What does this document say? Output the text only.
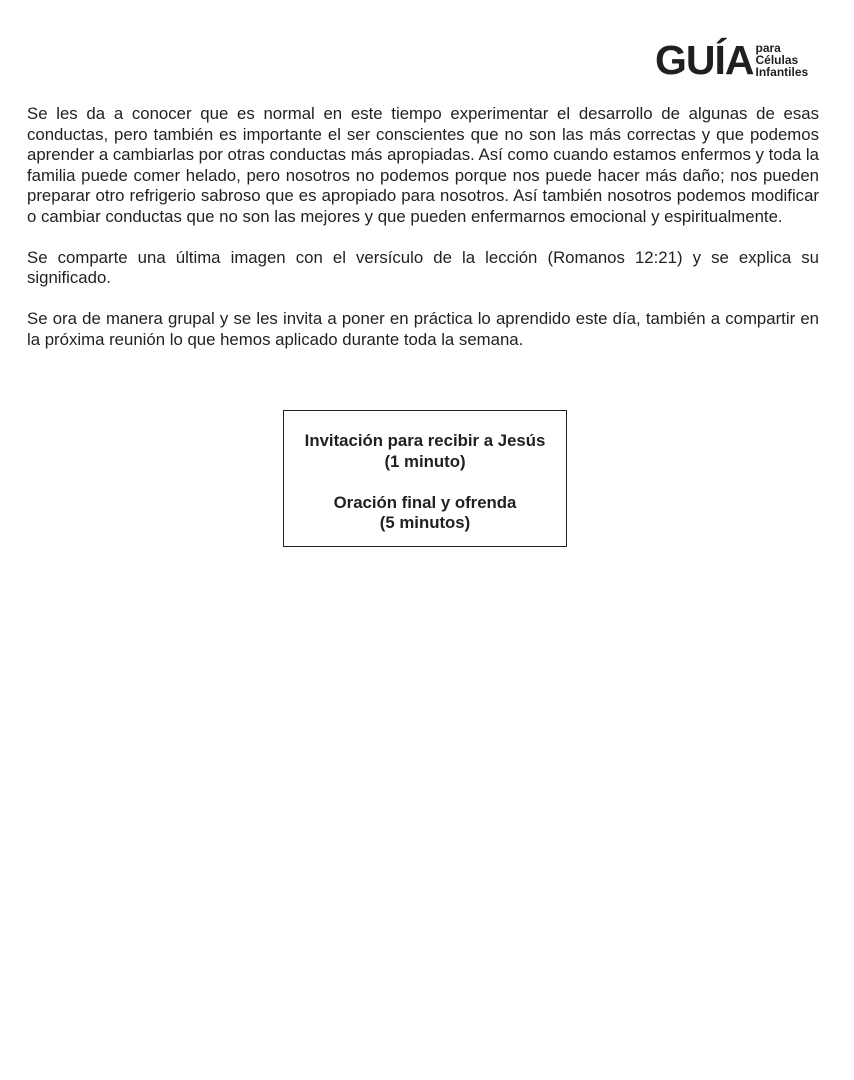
GUÍA para
Células
Infantiles

Se les da a conocer que es normal en este tiempo experimentar el desarrollo de algunas de esas conductas, pero también es importante el ser conscientes que no son las más correctas y que podemos aprender a cambiarlas por otras conductas más apropiadas. Así como cuando estamos enfermos y toda la familia puede comer helado, pero nosotros no podemos porque nos puede hacer más daño; nos pueden preparar otro refrigerio sabroso que es apropiado para nosotros. Así también nosotros podemos modificar o cambiar conductas que no son las mejores y que pueden enfermarnos emocional y espiritualmente.

Se comparte una última imagen con el versículo de la lección (Romanos 12:21) y se explica su significado.

Se ora de manera grupal y se les invita a poner en práctica lo aprendido este día, también a compartir en la próxima reunión lo que hemos aplicado durante toda la semana.

Invitación para recibir a Jesús
(1 minuto)
Oración final y ofrenda
(5 minutos)
